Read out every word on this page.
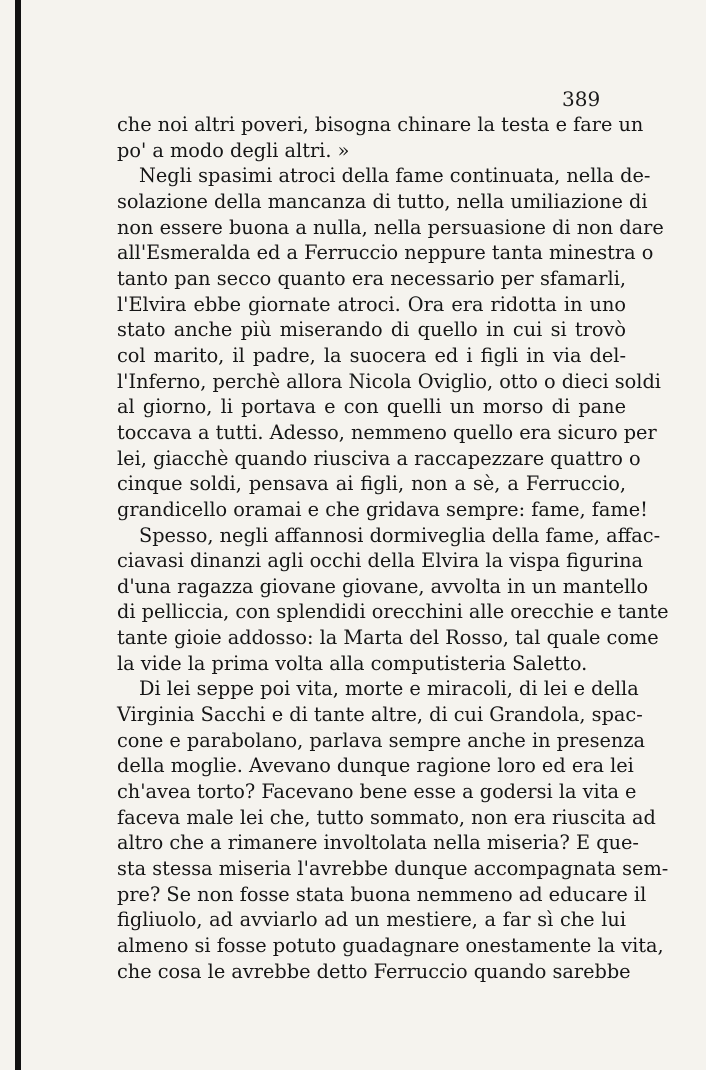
389
che noi altri poveri, bisogna chinare la testa e fare un
po' a modo degli altri. »
Negli spasimi atroci della fame continuata, nella de-
solazione della mancanza di tutto, nella umiliazione di
non essere buona a nulla, nella persuasione di non dare
all'Esmeralda ed a Ferruccio neppure tanta minestra o
tanto pan secco quanto era necessario per sfamarli,
l'Elvira ebbe giornate atroci. Ora era ridotta in uno
stato anche più miserando di quello in cui si trovò
col marito, il padre, la suocera ed i figli in via del-
l'Inferno, perchè allora Nicola Oviglio, otto o dieci soldi
al giorno, li portava e con quelli un morso di pane
toccava a tutti. Adesso, nemmeno quello era sicuro per
lei, giacchè quando riusciva a raccapezzare quattro o
cinque soldi, pensava ai figli, non a sè, a Ferruccio,
grandicello oramai e che gridava sempre: fame, fame!
Spesso, negli affannosi dormiveglia della fame, affac-
ciavasi dinanzi agli occhi della Elvira la vispa figurina
d'una ragazza giovane giovane, avvolta in un mantello
di pelliccia, con splendidi orecchini alle orecchie e tante
tante gioie addosso: la Marta del Rosso, tal quale come
la vide la prima volta alla computisteria Saletto.
Di lei seppe poi vita, morte e miracoli, di lei e della
Virginia Sacchi e di tante altre, di cui Grandola, spac-
cone e parabolano, parlava sempre anche in presenza
della moglie. Avevano dunque ragione loro ed era lei
ch'avea torto? Facevano bene esse a godersi la vita e
faceva male lei che, tutto sommato, non era riuscita ad
altro che a rimanere involtolata nella miseria? E que-
sta stessa miseria l'avrebbe dunque accompagnata sem-
pre? Se non fosse stata buona nemmeno ad educare il
figliuolo, ad avviarlo ad un mestiere, a far sì che lui
almeno si fosse potuto guadagnare onestamente la vita,
che cosa le avrebbe detto Ferruccio quando sarebbe
